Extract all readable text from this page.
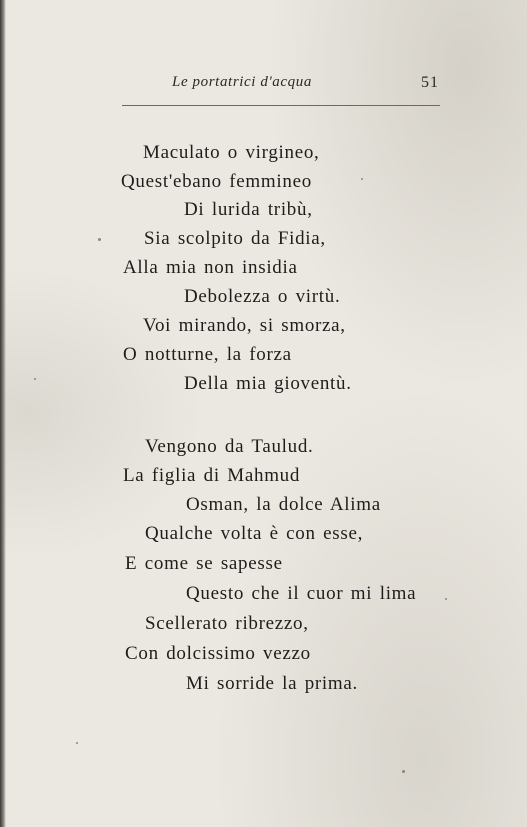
Le portatrici d'acqua	51
Maculato o virgineo,
Quest'ebano femmineo
Di lurida tribù,
Sia scolpito da Fidia,
Alla mia non insidia
Debolezza o virtù.
Voi mirando, si smorza,
O notturne, la forza
Della mia gioventù.
Vengono da Taulud.
La figlia di Mahmud
Osman, la dolce Alima
Qualche volta è con esse,
E come se sapesse
Questo che il cuor mi lima
Scellerato ribrezzo,
Con dolcissimo vezzo
Mi sorride la prima.
